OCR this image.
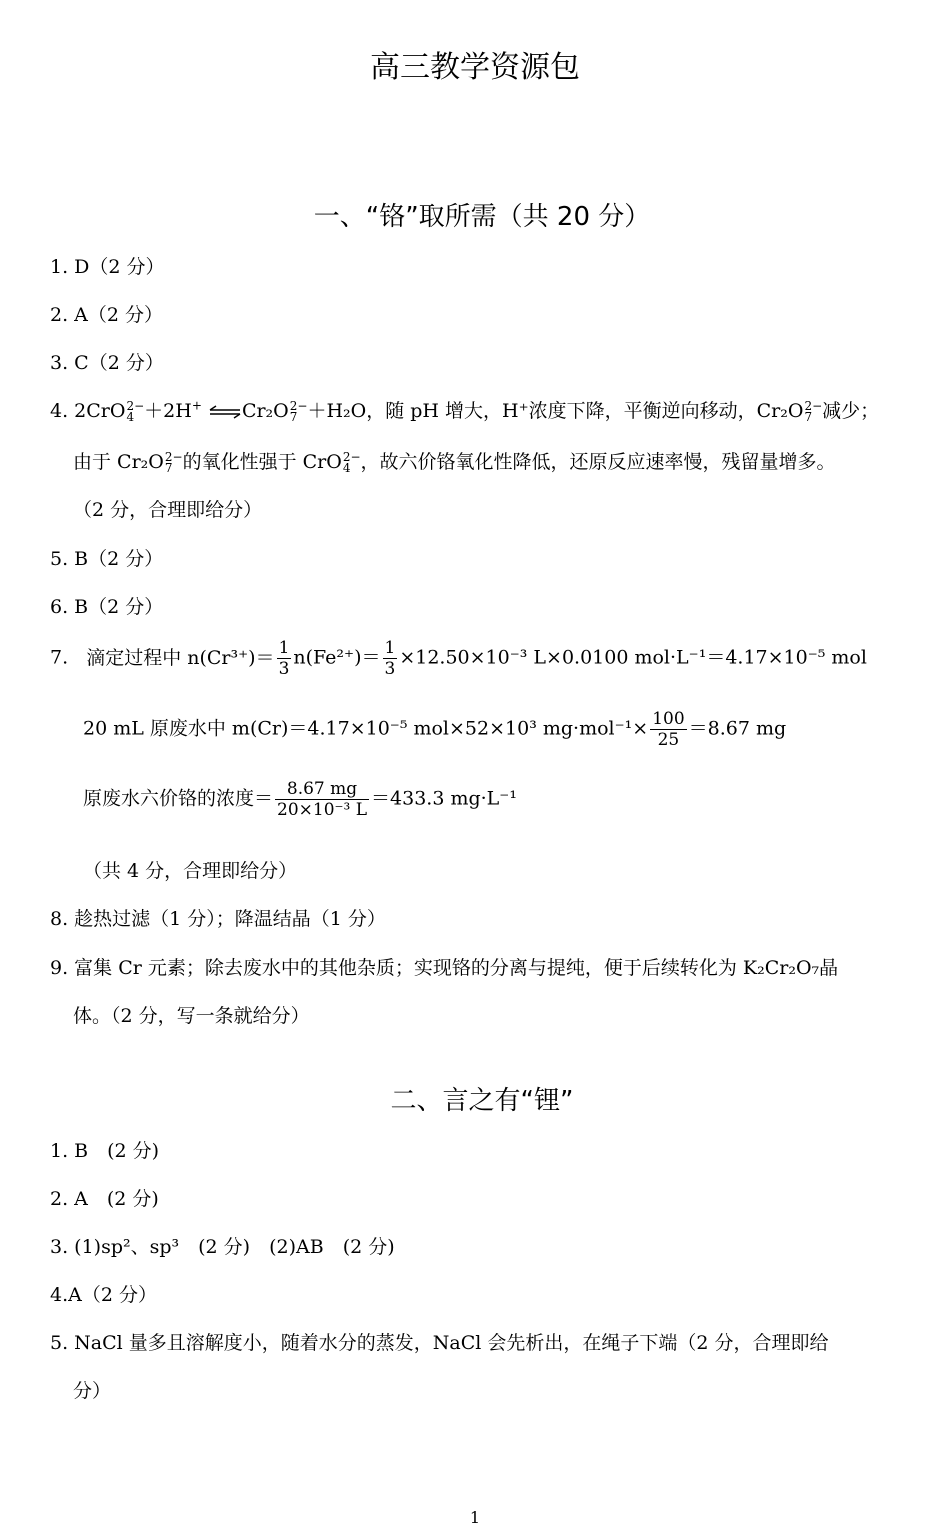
高三教学资源包
一、“铬”取所需（共 20 分）
1. D（2 分）
2. A（2 分）
3. C（2 分）
4. 2CrO 2−
4 ＋2H+ ⇌Cr₂O 2−
7 ＋H₂O，随 pH 增大，H⁺浓度下降，平衡逆向移动，Cr₂O 2−
7 减少；
由于 Cr₂O 2−
7 的氧化性强于 CrO 2−
4 ，故六价铬氧化性降低，还原反应速率慢，残留量增多。
（2 分，合理即给分）
5. B（2 分）
6. B（2 分）
7. 滴定过程中 $n(Cr^{3+})= \frac{1}{3} n(Fe^{2+})= \frac{1}{3} \times 12.50\times 10^{-3}$ L×0.0100 mol·L⁻¹＝4.17×10⁻⁵ mol
20 mL 原废水中 m(Cr)＝4.17×10⁻⁵ mol×52×10³ $mg\cdot mol^{-1}\times \frac{100}{25} =8.67$ mg
原废水六价铬的浓度＝ $\frac{8.67 mg}{\text{20×10⁻³ L}} =433.3$ mg·L⁻¹
（共 4 分，合理即给分）
8. 趁热过滤（1 分）；降温结晶（1 分）
9. 富集 Cr 元素；除去废水中的其他杂质；实现铬的分离与提纯，便于后续转化为 K₂Cr₂O₇晶
体。（2 分，写一条就给分）
二、言之有“锂”
1. B　(2 分)
2. A　(2 分)
3. (1)sp²、sp³　(2 分)　(2)AB　(2 分)
4.A（2 分）
5. NaCl 量多且溶解度小，随着水分的蒸发，NaCl 会先析出，在绳子下端（2 分，合理即给
分）
1
